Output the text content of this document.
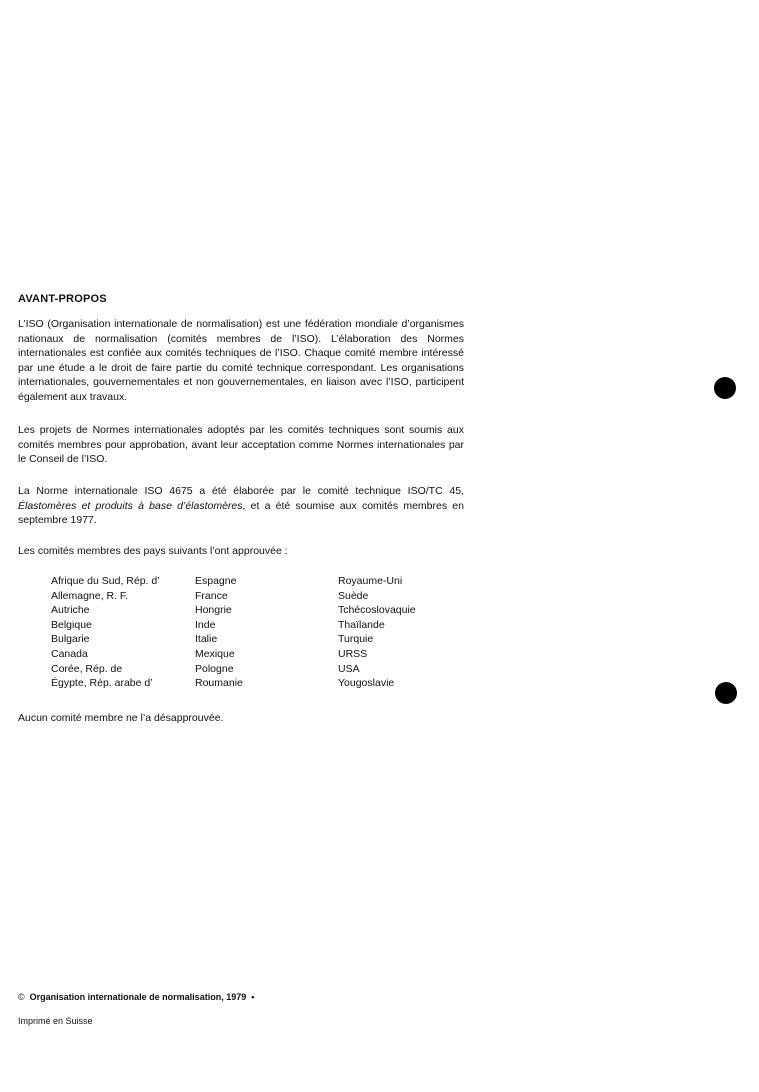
AVANT-PROPOS

L’ISO (Organisation internationale de normalisation) est une fédération mondiale d’organismes nationaux de normalisation (comités membres de l’ISO). L’élaboration des Normes internationales est confiée aux comités techniques de l’ISO. Chaque comité membre intéressé par une étude a le droit de faire partie du comité technique correspondant. Les organisations internationales, gouvernementales et non gouvernementales, en liaison avec l’ISO, participent également aux travaux.

Les projets de Normes internationales adoptés par les comités techniques sont soumis aux comités membres pour approbation, avant leur acceptation comme Normes internationales par le Conseil de l’ISO.

La Norme internationale ISO 4675 a été élaborée par le comité technique ISO/TC 45, Élastomères et produits à base d’élastomères, et a été soumise aux comités membres en septembre 1977.

Les comités membres des pays suivants l’ont approuvée :

Afrique du Sud, Rép. d’
Allemagne, R. F.
Autriche
Belgique
Bulgarie
Canada
Corée, Rép. de
Égypte, Rép. arabe d’
Espagne
France
Hongrie
Inde
Italie
Mexique
Pologne
Roumanie
Royaume-Uni
Suède
Tchécoslovaquie
Thaïlande
Turquie
URSS
USA
Yougoslavie

Aucun comité membre ne l’a désapprouvée.

© Organisation internationale de normalisation, 1979 •
Imprimé en Suisse
